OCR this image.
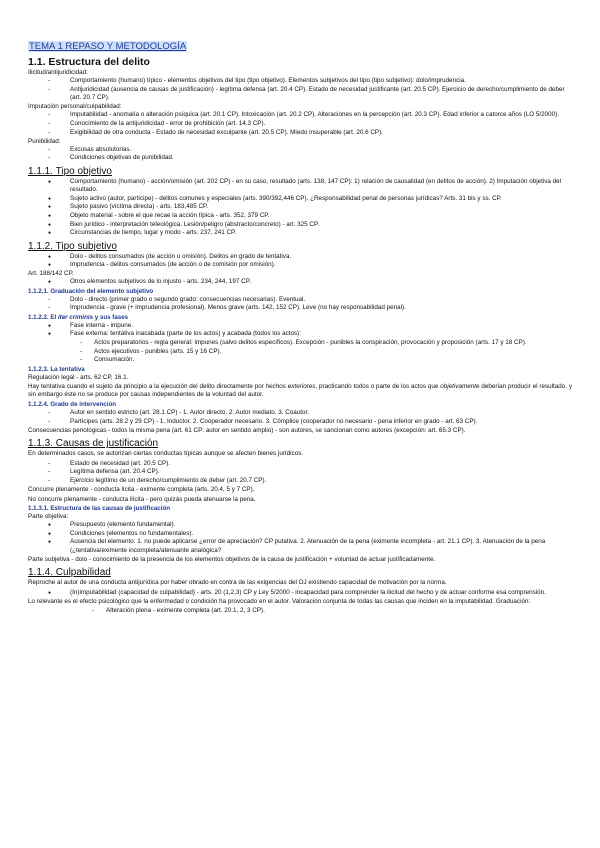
TEMA 1 REPASO Y METODOLOGÍA
1.1. Estructura del delito
Ilicitud/antijuridicidad:
- Comportamiento (humano) típico - elementos objetivos del tipo (tipo objetivo). Elementos subjetivos del tipo (tipo subjetivo): dolo/imprudencia.
- Antijuridicidad (ausencia de causas de justificación) - legítima defensa (art. 20.4 CP). Estado de necesidad justificante (art. 20.5 CP). Ejercicio de derecho/cumplimiento de deber (art. 20.7 CP).
Imputación personal/culpabilidad:
- Imputabilidad - anomalía o alteración psíquica (art. 20.1 CP). Intoxicación (art. 20.2 CP). Alteraciones en la percepción (art. 20.3 CP). Edad inferior a catorce años (LO 5/2000).
- Conocimiento de la antijuridicidad - error de prohibición (art. 14.3 CP).
- Exigibilidad de otra conducta - Estado de necesidad exculpante (art. 20.5 CP). Miedo insuperable (art. 20.6 CP).
Punibilidad:
- Excusas absolutorias.
- Condiciones objetivas de punibilidad.
1.1.1. Tipo objetivo
● Comportamiento (humano) - acción/omisión (art. 202 CP) - en su caso, resultado (arts. 138, 147 CP): 1) relación de causalidad (en delitos de acción). 2) Imputación objetiva del resultado.
● Sujeto activo (autor, partícipe) - delitos comunes y especiales (arts. 390/392,446 CP). ¿Responsabilidad penal de personas jurídicas? Arts. 31 bis y ss. CP.
● Sujeto pasivo (víctima directa) - arts. 183,485 CP.
● Objeto material - sobre el que recae la acción típica - arts. 352, 379 CP.
● Bien jurídico - interpretación teleológica. Lesión/peligro (abstracto/concreto) - art. 325 CP.
● Circunstancias de tiempo, lugar y modo - arts. 237, 241 CP.
1.1.2. Tipo subjetivo
● Dolo - delitos consumados (de acción u omisión). Delitos en grado de tentativa.
● Imprudencia - delitos consumados (de acción o de comisión por omisión).
Art. 188/142 CP.
● Otros elementos subjetivos de lo injusto - arts. 234, 244, 197 CP.
1.1.2.1. Graduación del elemento subjetivo
- Dolo - directo (primer grado o segundo grado: consecuencias necesarias). Eventual.
- Imprudencia - grave (+ imprudencia profesional). Menos grave (arts. 142, 152 CP). Leve (no hay responsabilidad penal).
1.1.2.2. El iter criminis y sus fases
● Fase interna - impune.
● Fase externa: tentativa inacabada (parte de los actos) y acabada (todos los actos):
- Actos preparatorios - regla general: impunes (salvo delitos específicos). Excepción - punibles la conspiración, provocación y proposición (arts. 17 y 18 CP).
- Actos ejecutivos - punibles (arts. 15 y 16 CP).
- Consumación.
1.1.2.3. La tentativa
Regulación legal - arts. 62 CP, 16.1.
Hay tentativa cuando el sujeto da principio a la ejecución del delito directamente por hechos exteriores, practicando todos o parte de los actos que objetivamente deberían producir el resultado, y sin embargo éste no se produce por causas independientes de la voluntad del autor.
1.1.2.4. Grado de intervención
- Autor en sentido estricto (art. 28.1 CP) - 1. Autor directo. 2. Autor mediato. 3. Coautor.
- Partícipes (arts. 28.2 y 29 CP) - 1. Inductor. 2. Cooperador necesario. 3. Cómplice (cooperador no necesario - pena inferior en grado - art. 63 CP).
Consecuencias penológicas - todos la misma pena (art. 61 CP: autor en sentido amplio) - son autores, se sancionan como autores (excepción: art. 65.3 CP).
1.1.3. Causas de justificación
En determinados casos, se autorizan ciertas conductas típicas aunque se afecten bienes jurídicos.
- Estado de necesidad (art. 20.5 CP).
- Legítima defensa (art. 20.4 CP).
- Ejercicio legítimo de un derecho/cumplimiento de deber (art. 20.7 CP).
Concurre plenamente - conducta lícita - eximente completa (arts. 20.4, 5 y 7 CP).
No concurre plenamente - conducta ilícita - pero quizás pueda atenuarse la pena.
1.1.3.1. Estructura de las causas de justificación
Parte objetiva:
● Presupuesto (elemento fundamental).
● Condiciones (elementos no fundamentales).
● Ausencia del elemento: 1. no puede aplicarse ¿error de apreciación? CP putativa. 2. Atenuación de la pena (eximente incompleta - art. 21.1 CP). 3. Atenuación de la pena (¿tentativa/eximente incompleta/atenuante analógica?
Parte subjetiva - dolo - conocimiento de la presencia de los elementos objetivos de la causa de justificación + voluntad de actuar justificadamente.
1.1.4. Culpabilidad
Reproche al autor de una conducta antijurídica por haber obrado en contra de las exigencias del OJ existiendo capacidad de motivación por la norma.
● (In)imputabilidad (capacidad de culpabilidad) - arts. 20 (1,2,3) CP y Ley 5/2000 - incapacidad para comprender la ilicitud del hecho y de actuar conforme esa comprensión.
Lo relevante es el efecto psicológico que la enfermedad o condición ha provocado en el autor. Valoración conjunta de todas las causas que inciden en la imputabilidad. Graduación:
- Alteración plena - eximente completa (art. 20.1, 2, 3 CP).
